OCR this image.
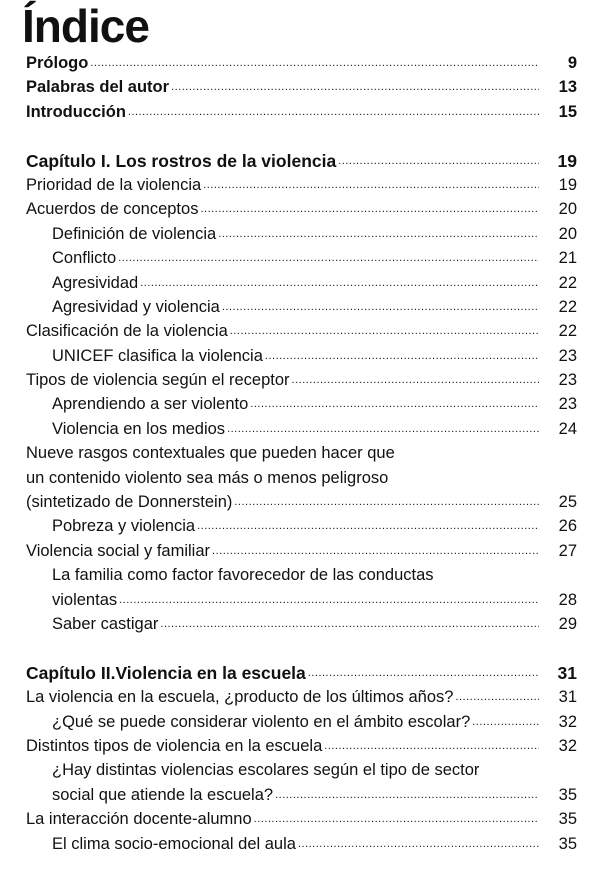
Índice
Prólogo .....	9
Palabras del autor .....	13
Introducción .....	15
Capítulo I. Los rostros de la violencia .....	19
Prioridad de la violencia .....	19
Acuerdos de conceptos .....	20
Definición de violencia .....	20
Conflicto .....	21
Agresividad .....	22
Agresividad y violencia .....	22
Clasificación de la violencia .....	22
UNICEF clasifica la violencia .....	23
Tipos de violencia según el receptor .....	23
Aprendiendo a ser violento .....	23
Violencia en los medios .....	24
Nueve rasgos contextuales que pueden hacer que
un contenido violento sea más o menos peligroso
(sintetizado de Donnerstein) .....	25
Pobreza y violencia .....	26
Violencia social y familiar .....	27
La familia como factor favorecedor de las conductas
violentas .....	28
Saber castigar .....	29
Capítulo II.Violencia en la escuela .....	31
La violencia en la escuela, ¿producto de los últimos años? .....	31
¿Qué se puede considerar violento en el ámbito escolar? .....	32
Distintos tipos de violencia en la escuela .....	32
¿Hay distintas violencias escolares según el tipo de sector
social que atiende la escuela? .....	35
La interacción docente-alumno .....	35
El clima socio-emocional del aula .....	35
